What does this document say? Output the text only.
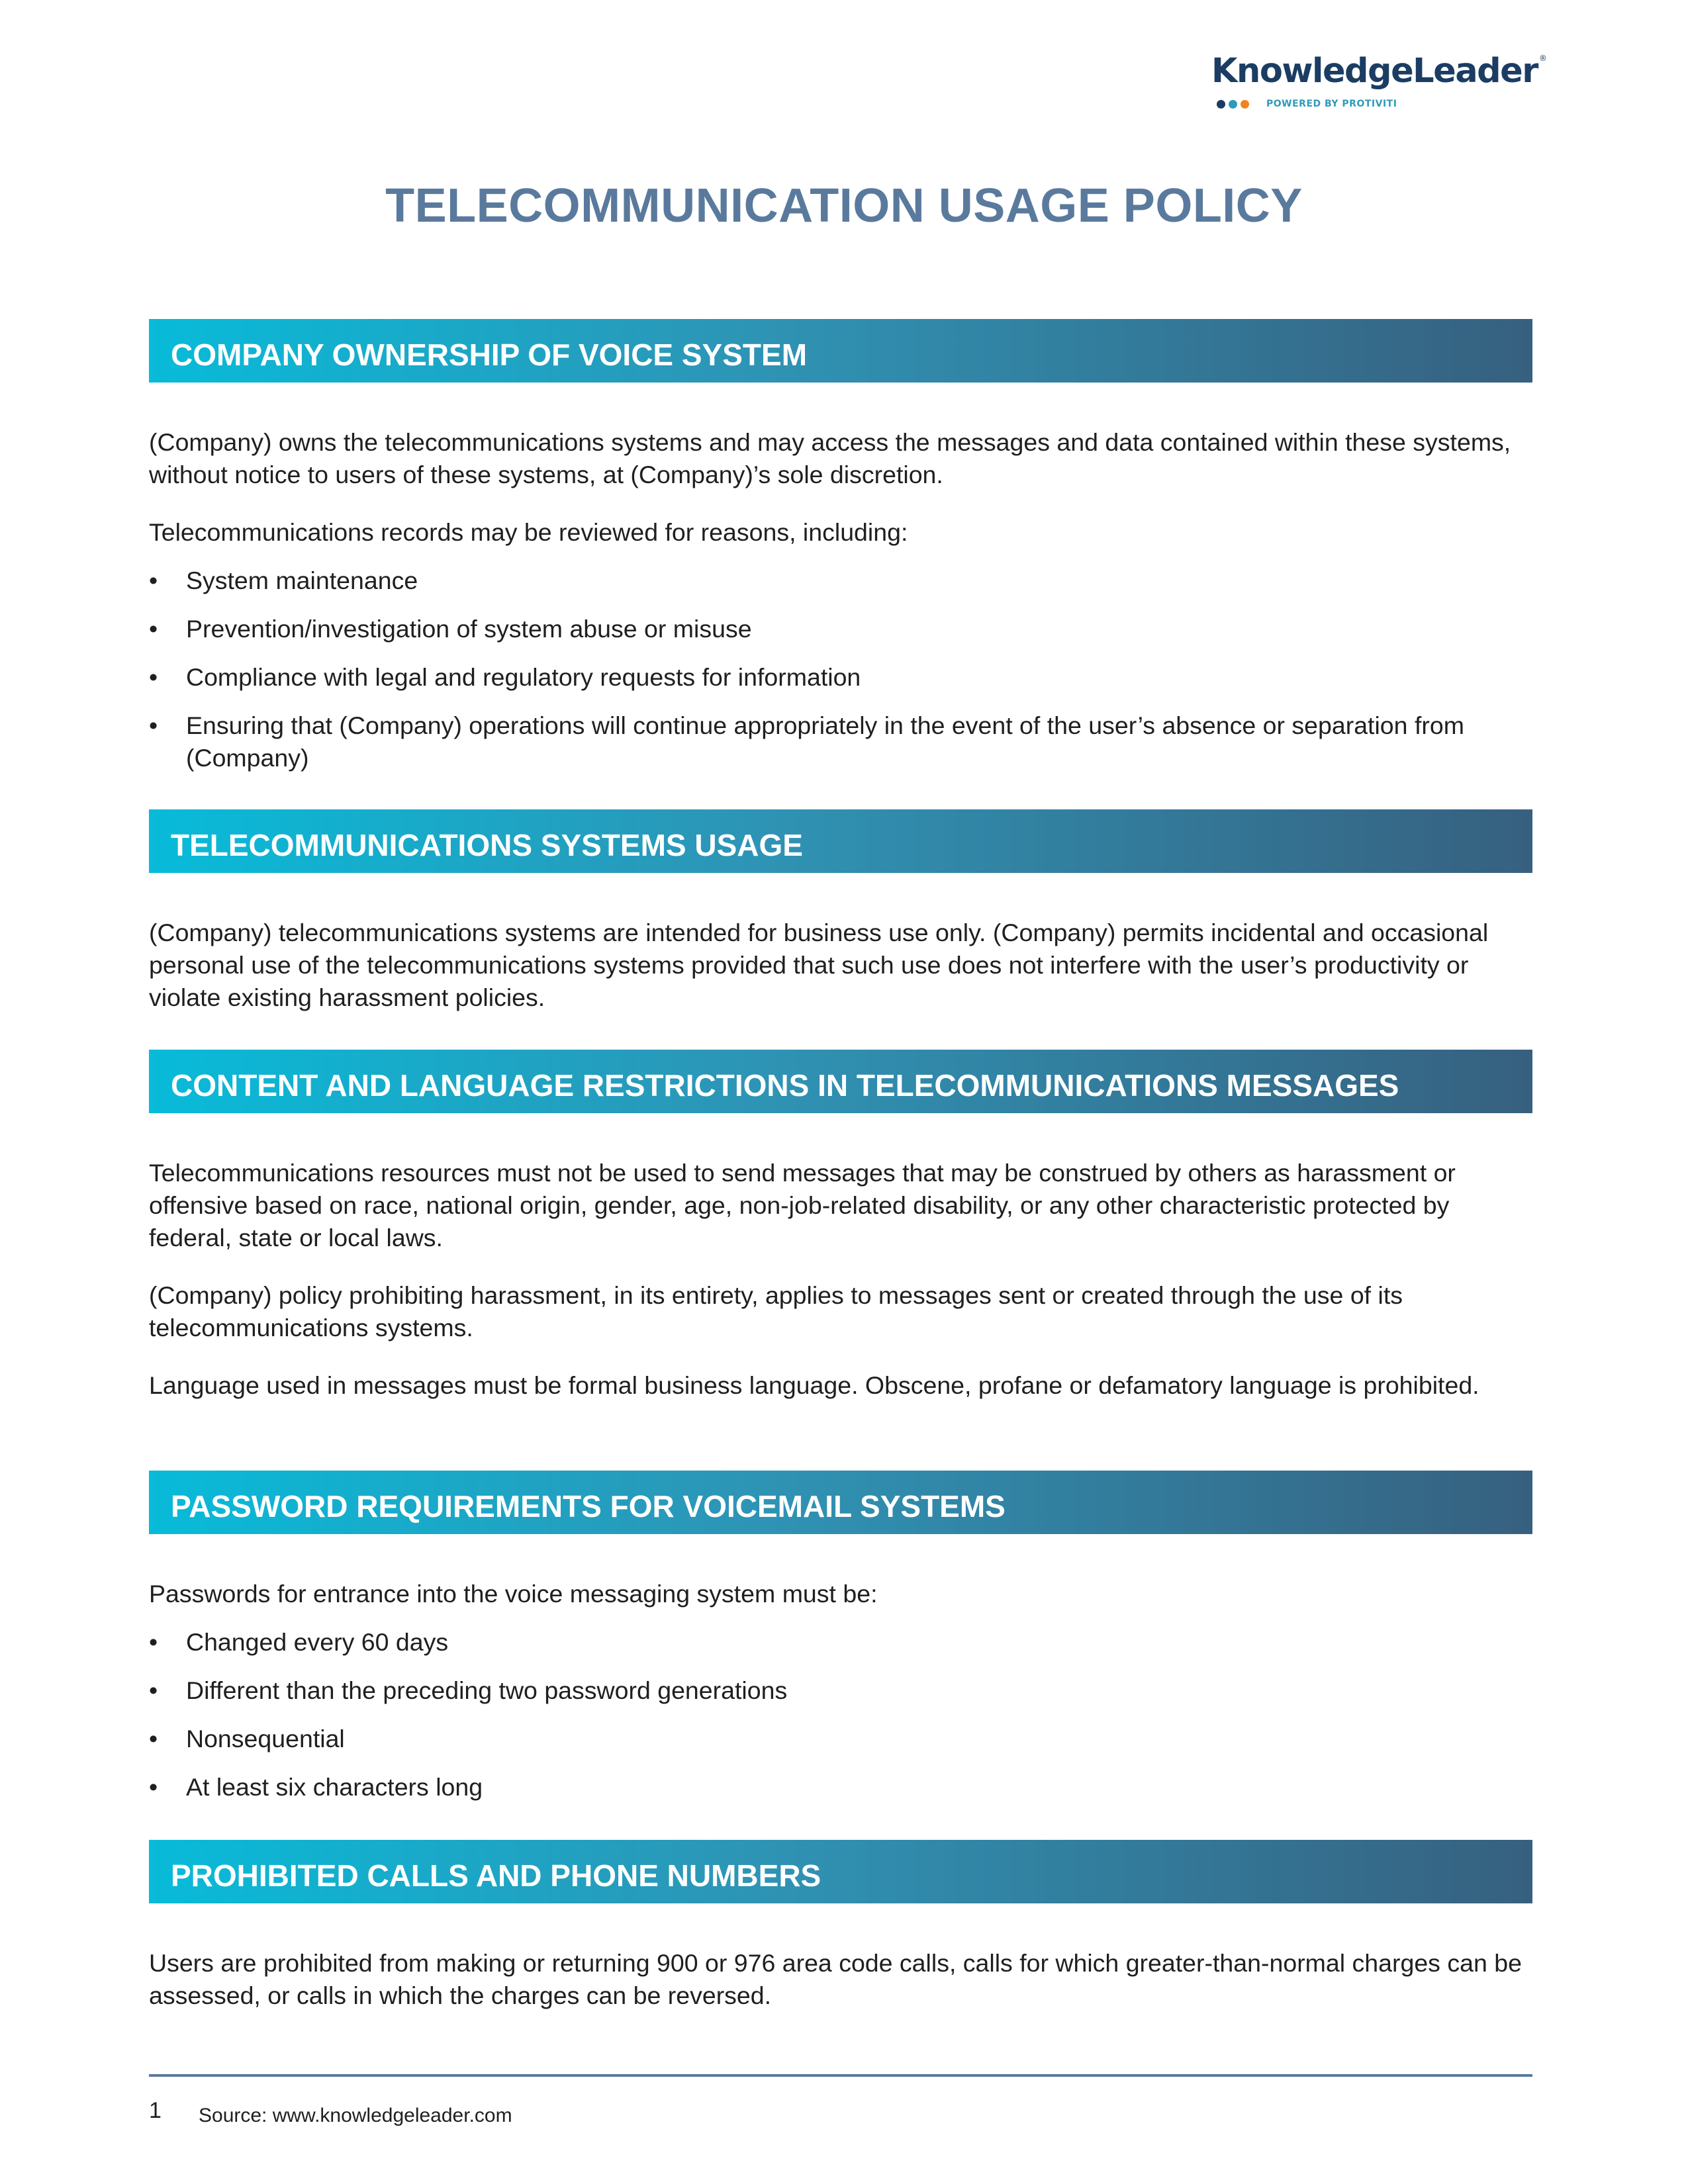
KnowledgeLeader ®
POWERED BY PROTIVITI
TELECOMMUNICATION USAGE POLICY
COMPANY OWNERSHIP OF VOICE SYSTEM

(Company) owns the telecommunications systems and may access the messages and data contained within these systems, without notice to users of these systems, at (Company)’s sole discretion.

Telecommunications records may be reviewed for reasons, including:

• System maintenance
• Prevention/investigation of system abuse or misuse
• Compliance with legal and regulatory requests for information
• Ensuring that (Company) operations will continue appropriately in the event of the user’s absence or separation from (Company)
TELECOMMUNICATIONS SYSTEMS USAGE

(Company) telecommunications systems are intended for business use only. (Company) permits incidental and occasional personal use of the telecommunications systems provided that such use does not interfere with the user’s productivity or violate existing harassment policies.

CONTENT AND LANGUAGE RESTRICTIONS IN TELECOMMUNICATIONS MESSAGES

Telecommunications resources must not be used to send messages that may be construed by others as harassment or offensive based on race, national origin, gender, age, non-job-related disability, or any other characteristic protected by federal, state or local laws.

(Company) policy prohibiting harassment, in its entirety, applies to messages sent or created through the use of its telecommunications systems.

Language used in messages must be formal business language. Obscene, profane or defamatory language is prohibited.

PASSWORD REQUIREMENTS FOR VOICEMAIL SYSTEMS

Passwords for entrance into the voice messaging system must be:

• Changed every 60 days
• Different than the preceding two password generations
• Nonsequential
• At least six characters long
PROHIBITED CALLS AND PHONE NUMBERS

Users are prohibited from making or returning 900 or 976 area code calls, calls for which greater-than-normal charges can be assessed, or calls in which the charges can be reversed.

1 Source: www.knowledgeleader.com
